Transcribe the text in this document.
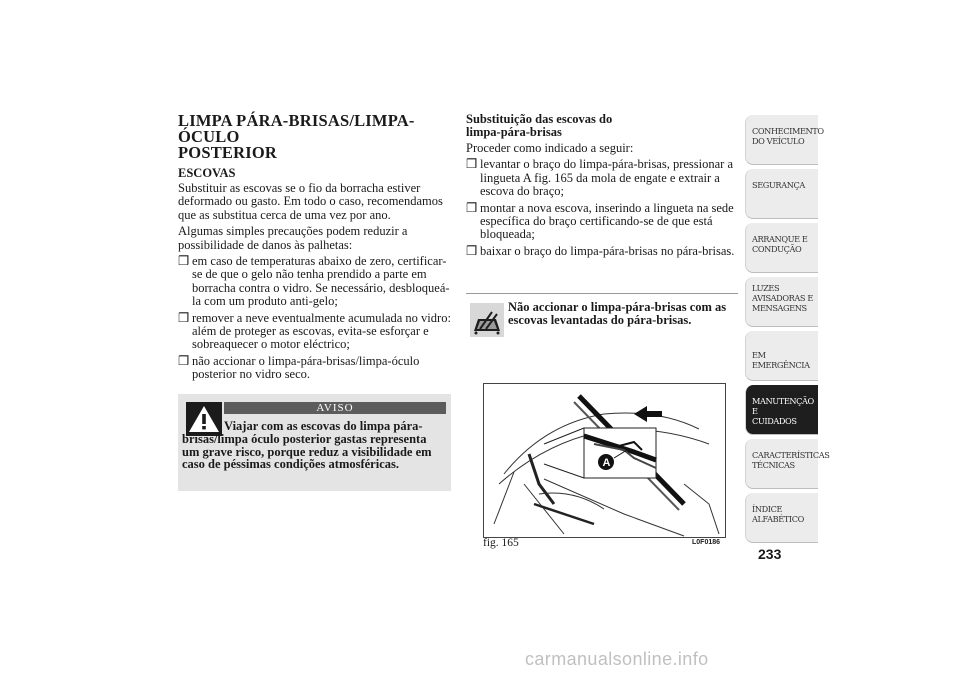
LIMPA PÁRA-BRISAS/LIMPA-ÓCULO
POSTERIOR
ESCOVAS

Substituir as escovas se o fio da borracha estiver deformado ou gasto. Em todo o caso, recomendamos que as substitua cerca de uma vez por ano.

Algumas simples precauções podem reduzir a possibilidade de danos às palhetas:

❒ em caso de temperaturas abaixo de zero, certificar-se de que o gelo não tenha prendido a parte em borracha contra o vidro. Se necessário, desbloqueá-la com um produto anti-gelo;
❒ remover a neve eventualmente acumulada no vidro: além de proteger as escovas, evita-se esforçar e sobreaquecer o motor eléctrico;
❒ não accionar o limpa-pára-brisas/limpa-óculo posterior no vidro seco.
AVISO
Viajar com as escovas do limpa pára-brisas/limpa óculo posterior gastas representa um grave risco, porque reduz a visibilidade em caso de péssimas condições atmosféricas.
Substituição das escovas do
limpa-pára-brisas

Proceder como indicado a seguir:

❒ levantar o braço do limpa-pára-brisas, pressionar a lingueta A fig. 165 da mola de engate e extrair a escova do braço;
❒ montar a nova escova, inserindo a lingueta na sede específica do braço certificando-se de que está bloqueada;
❒ baixar o braço do limpa-pára-brisas no pára-brisas.
Não accionar o limpa-pára-brisas com as escovas levantadas do pára-brisas.
A
fig. 165	L0F0186
CONHECIMENTO
DO VEÍCULO
SEGURANÇA
ARRANQUE E
CONDUÇÃO
LUZES
AVISADORAS E
MENSAGENS
EM EMERGÊNCIA
MANUTENÇÃO E
CUIDADOS
CARACTERÍSTICAS
TÉCNICAS
ÍNDICE
ALFABÉTICO
233
carmanualsonline.info
